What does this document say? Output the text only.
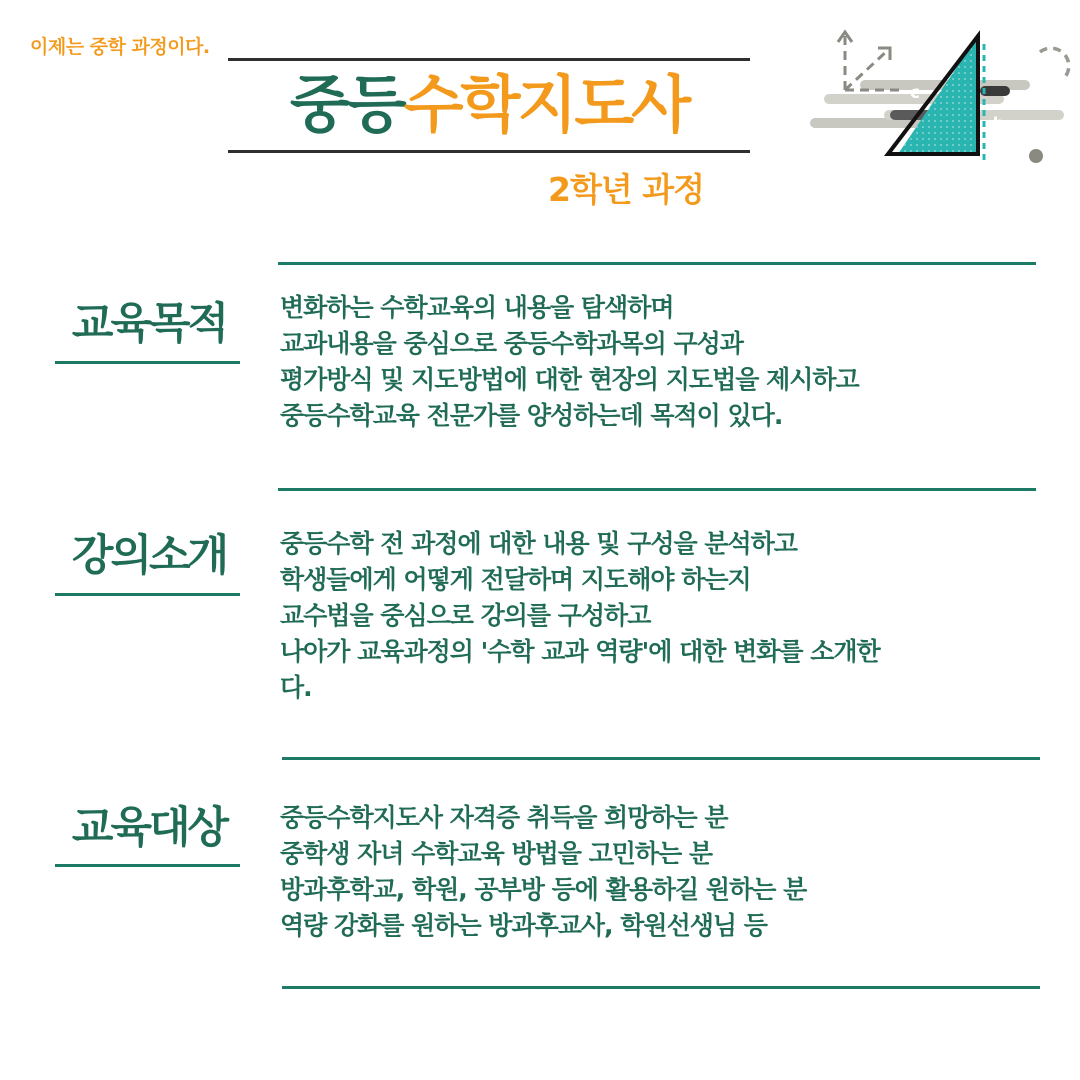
이제는 중학 과정이다.
중등수학지도사
2학년 과정
c
b
교육목적	변화하는 수학교육의 내용을 탐색하며
교과내용을 중심으로 중등수학과목의 구성과
평가방식 및 지도방법에 대한 현장의 지도법을 제시하고
중등수학교육 전문가를 양성하는데 목적이 있다.
강의소개	중등수학 전 과정에 대한 내용 및 구성을 분석하고
학생들에게 어떻게 전달하며 지도해야 하는지
교수법을 중심으로 강의를 구성하고
나아가 교육과정의 '수학 교과 역량'에 대한 변화를 소개한
다.
교육대상	중등수학지도사 자격증 취득을 희망하는 분
중학생 자녀 수학교육 방법을 고민하는 분
방과후학교, 학원, 공부방 등에 활용하길 원하는 분
역량 강화를 원하는 방과후교사, 학원선생님 등
